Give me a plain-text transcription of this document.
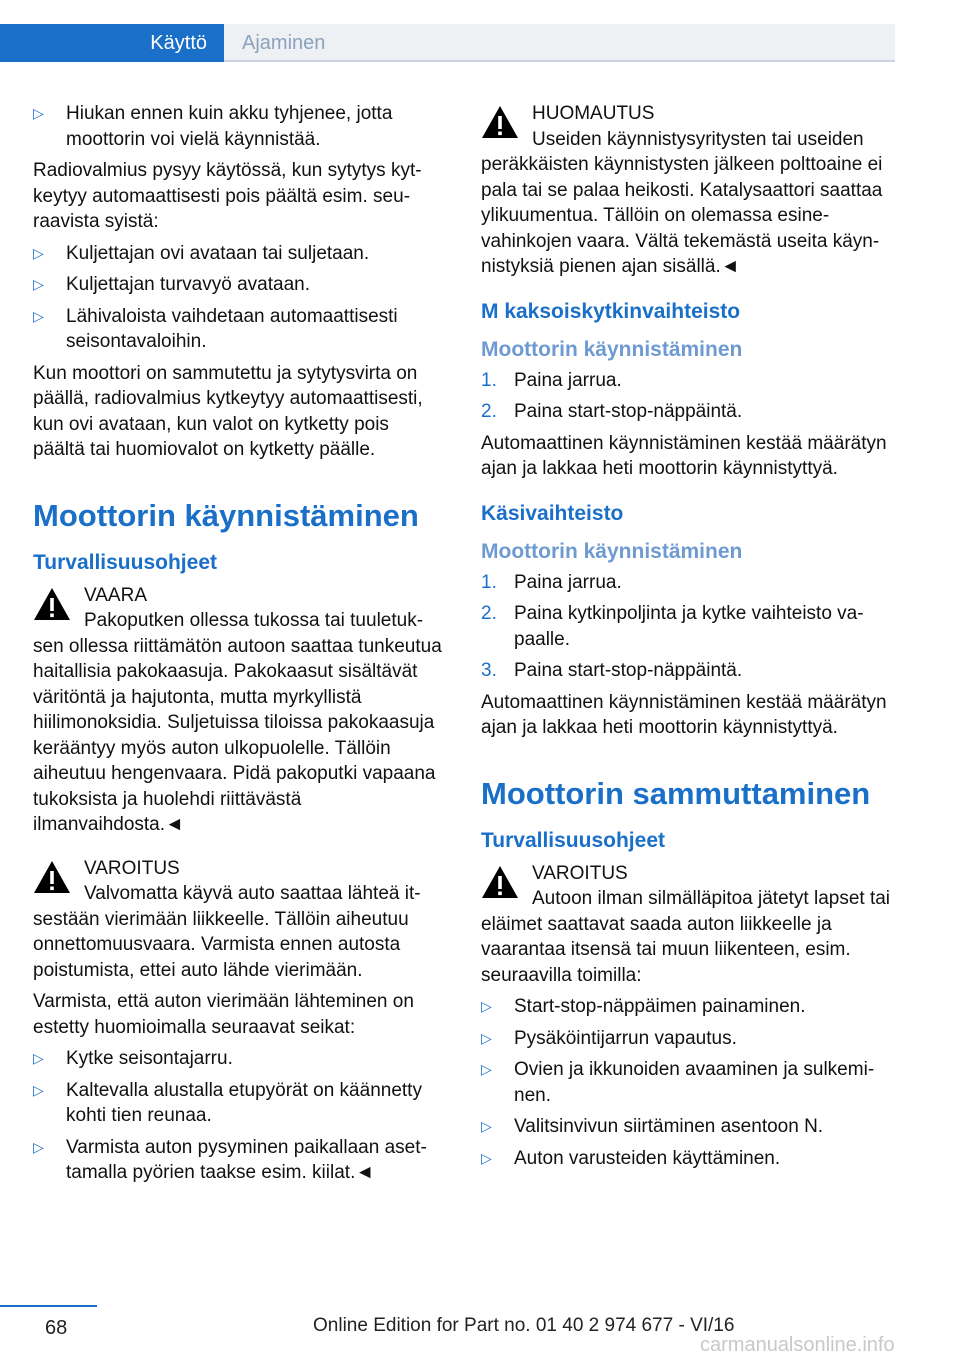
Käyttö Ajaminen
▷ Hiukan ennen kuin akku tyhjenee, jotta moottorin voi vielä käynnistää.

Radiovalmius pysyy käytössä, kun sytytys kytkeytyy automaattisesti pois päältä esim. seuraavista syistä:

▷ Kuljettajan ovi avataan tai suljetaan.
▷ Kuljettajan turvavyö avataan.
▷ Lähivaloista vaihdetaan automaattisesti seisontavaloihin.

Kun moottori on sammutettu ja sytytysvirta on päällä, radiovalmius kytkeytyy automaattisesti, kun ovi avataan, kun valot on kytketty pois päältä tai huomiovalot on kytketty päälle.

Moottorin käynnistäminen
Turvallisuusohjeet
VAARA
Pakoputken ollessa tukossa tai tuuletuksen ollessa riittämätön autoon saattaa tunkeutua haitallisia pakokaasuja. Pakokaasut sisältävät väritöntä ja hajutonta, mutta myrkyllistä hiilimonoksidia. Suljetuissa tiloissa pakokaasuja kerääntyy myös auton ulkopuolelle. Tällöin aiheutuu hengenvaara. Pidä pakoputki vapaana tukoksista ja huolehdi riittävästä ilmanvaihdosta.◄
VAROITUS
Valvomatta käyvä auto saattaa lähteä itsestään vierimään liikkeelle. Tällöin aiheutuu onnettomuusvaara. Varmista ennen autosta poistumista, ettei auto lähde vierimään.

Varmista, että auton vierimään lähteminen on estetty huomioimalla seuraavat seikat:

▷ Kytke seisontajarru.
▷ Kaltevalla alustalla etupyörät on käännetty kohti tien reunaa.
▷ Varmista auton pysyminen paikallaan asettamalla pyörien taakse esim. kiilat.◄
HUOMAUTUS
Useiden käynnistysyritysten tai useiden peräkkäisten käynnistysten jälkeen polttoaine ei pala tai se palaa heikosti. Katalysaattori saattaa ylikuumentua. Tällöin on olemassa esinevahinkojen vaara. Vältä tekemästä useita käynnistyksiä pienen ajan sisällä.◄
M kaksoiskytkinvaihteisto
Moottorin käynnistäminen
1. Paina jarrua.
2. Paina start-stop-näppäintä.

Automaattinen käynnistäminen kestää määrätyn ajan ja lakkaa heti moottorin käynnistyttyä.

Käsivaihteisto
Moottorin käynnistäminen
1. Paina jarrua.
2. Paina kytkinpoljinta ja kytke vaihteisto vapaalle.
3. Paina start-stop-näppäintä.

Automaattinen käynnistäminen kestää määrätyn ajan ja lakkaa heti moottorin käynnistyttyä.

Moottorin sammuttaminen
Turvallisuusohjeet
VAROITUS
Autoon ilman silmälläpitoa jätetyt lapset tai eläimet saattavat saada auton liikkeelle ja vaarantaa itsensä tai muun liikenteen, esim. seuraavilla toimilla:
▷ Start-stop-näppäimen painaminen.
▷ Pysäköintijarrun vapautus.
▷ Ovien ja ikkunoiden avaaminen ja sulkeminen.
▷ Valitsinvivun siirtäminen asentoon N.
▷ Auton varusteiden käyttäminen.
68	Online Edition for Part no. 01 40 2 974 677 - VI/16
carmanualsonline.info
